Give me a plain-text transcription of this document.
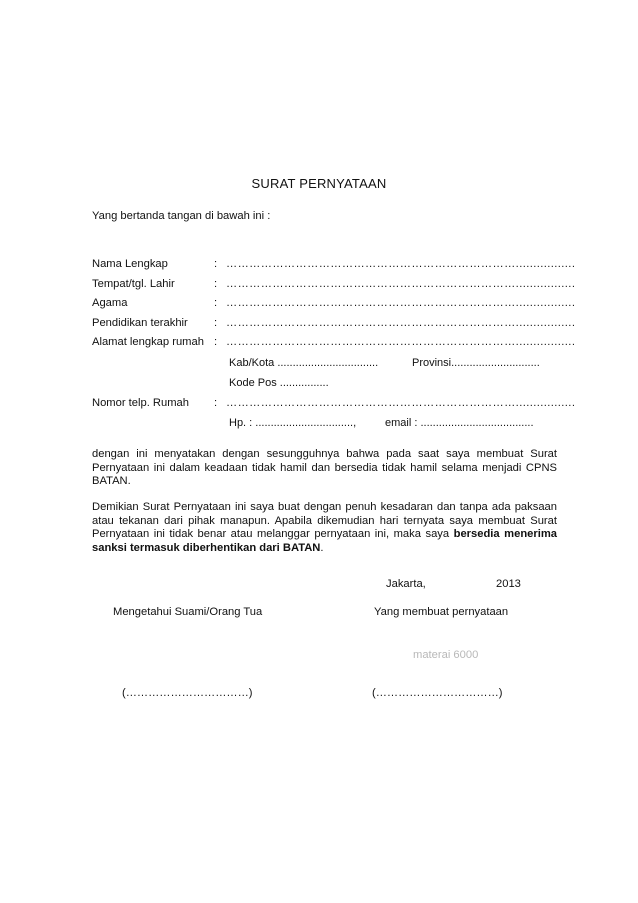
SURAT PERNYATAAN
Yang bertanda tangan di bawah ini :
Nama Lengkap	: ………………………………………………………………….................
Tempat/tgl. Lahir	: ………………………………………………………………….................
Agama	: ………………………………………………………………….................
Pendidikan terakhir : ………………………………………………………………….................
Alamat lengkap rumah : ………………………………………………………………….................
Kab/Kota .................................	Provinsi.............................
Kode Pos ................
Nomor telp. Rumah : ………………………………………………………………….................
Hp. : ................................,	email : .....................................
dengan ini menyatakan dengan sesungguhnya bahwa pada saat saya membuat Surat Pernyataan ini dalam keadaan tidak hamil dan bersedia tidak hamil selama menjadi CPNS BATAN.
Demikian Surat Pernyataan ini saya buat dengan penuh kesadaran dan tanpa ada paksaan atau tekanan dari pihak manapun. Apabila dikemudian hari ternyata saya membuat Surat Pernyataan ini tidak benar atau melanggar pernyataan ini, maka saya bersedia menerima sanksi termasuk diberhentikan dari BATAN.
Jakarta,	2013
Mengetahui Suami/Orang Tua	Yang membuat pernyataan
materai 6000
(……………………………)	(……………………………)
